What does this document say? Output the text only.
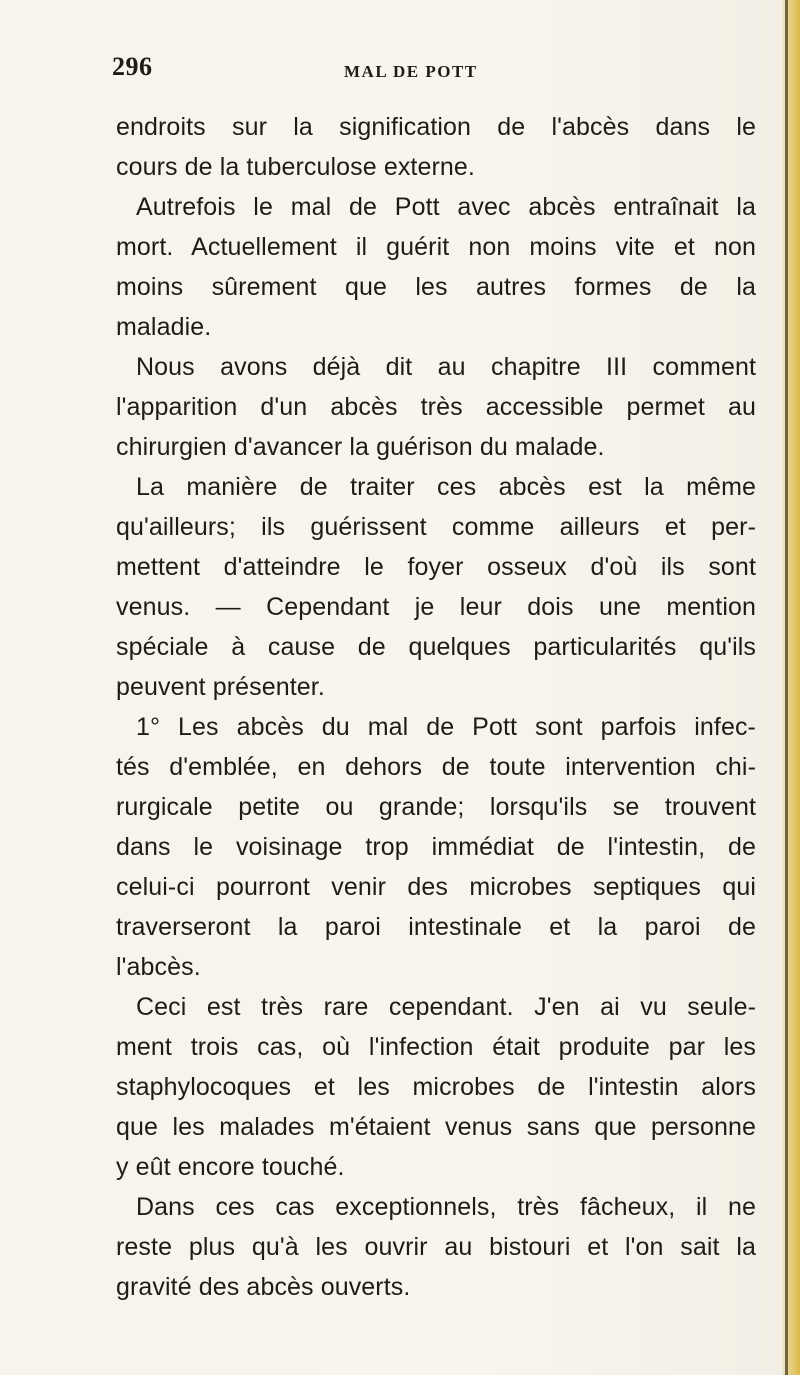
296	MAL DE POTT
endroits sur la signification de l'abcès dans le
cours de la tuberculose externe.
Autrefois le mal de Pott avec abcès entraînait la
mort. Actuellement il guérit non moins vite et non
moins sûrement que les autres formes de la
maladie.
Nous avons déjà dit au chapitre III comment
l'apparition d'un abcès très accessible permet au
chirurgien d'avancer la guérison du malade.
La manière de traiter ces abcès est la même
qu'ailleurs; ils guérissent comme ailleurs et per-
mettent d'atteindre le foyer osseux d'où ils sont
venus. — Cependant je leur dois une mention
spéciale à cause de quelques particularités qu'ils
peuvent présenter.
1° Les abcès du mal de Pott sont parfois infec-
tés d'emblée, en dehors de toute intervention chi-
rurgicale petite ou grande; lorsqu'ils se trouvent
dans le voisinage trop immédiat de l'intestin, de
celui-ci pourront venir des microbes septiques qui
traverseront la paroi intestinale et la paroi de
l'abcès.
Ceci est très rare cependant. J'en ai vu seule-
ment trois cas, où l'infection était produite par les
staphylocoques et les microbes de l'intestin alors
que les malades m'étaient venus sans que personne
y eût encore touché.
Dans ces cas exceptionnels, très fâcheux, il ne
reste plus qu'à les ouvrir au bistouri et l'on sait la
gravité des abcès ouverts.
